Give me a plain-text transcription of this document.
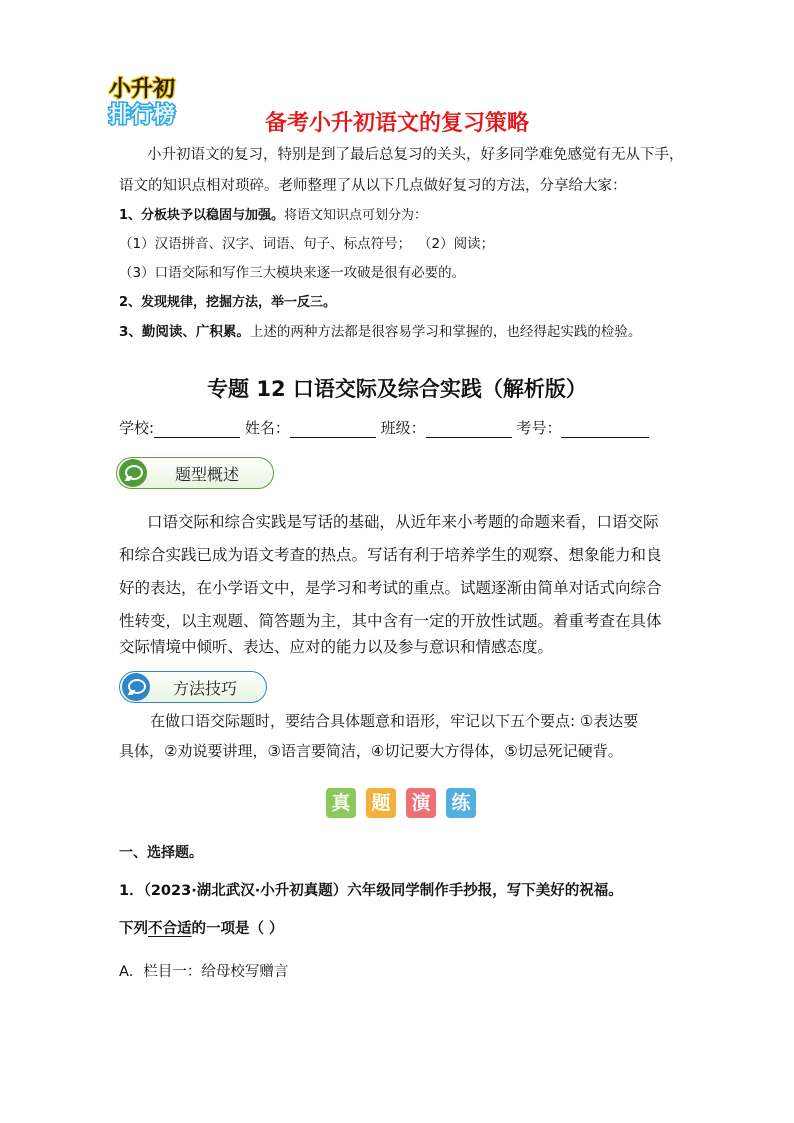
小升初
排行榜	备考小升初语文的复习策略
小升初语文的复习，特别是到了最后总复习的关头，好多同学难免感觉有无从下手，
语文的知识点相对琐碎。老师整理了从以下几点做好复习的方法，分享给大家：
1、分板块予以稳固与加强。将语文知识点可划分为：
（1）汉语拼音、汉字、词语、句子、标点符号； （2）阅读；
（3）口语交际和写作三大模块来逐一攻破是很有必要的。
2、发现规律，挖掘方法，举一反三。
3、勤阅读、广积累。上述的两种方法都是很容易学习和掌握的，也经得起实践的检验。
专题 12 口语交际及综合实践（解析版）
学校:	姓名：	班级：	考号：
题型概述
口语交际和综合实践是写话的基础，从近年来小考题的命题来看，口语交际
和综合实践已成为语文考查的热点。写话有利于培养学生的观察、想象能力和良
好的表达，在小学语文中，是学习和考试的重点。试题逐渐由简单对话式向综合
性转变，以主观题、简答题为主，其中含有一定的开放性试题。着重考查在具体
交际情境中倾听、表达、应对的能力以及参与意识和情感态度。
方法技巧
在做口语交际题时，要结合具体题意和语形，牢记以下五个要点: ①表达要
具体，②劝说要讲理，③语言要简洁，④切记要大方得体，⑤切忌死记硬背。
真 题 演 练
一、选择题。
1．（2023·湖北武汉·小升初真题）六年级同学制作手抄报，写下美好的祝福。
下列不合适的一项是（ ）
A．栏目一：给母校写赠言
